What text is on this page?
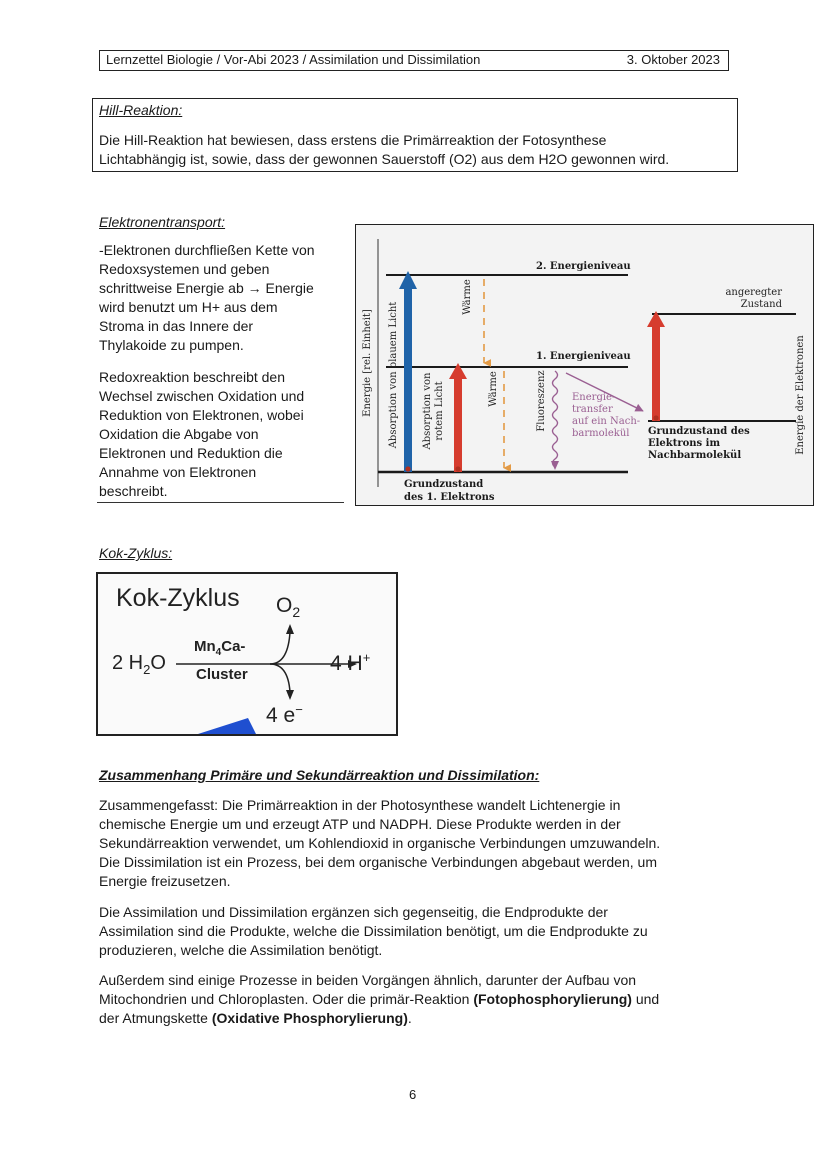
Lernzettel Biologie / Vor-Abi 2023 / Assimilation und Dissimilation	3. Oktober 2023
Hill-Reaktion:
Die Hill-Reaktion hat bewiesen, dass erstens die Primärreaktion der Fotosynthese
Lichtabhängig ist, sowie, dass der gewonnen Sauerstoff (O2) aus dem H2O gewonnen wird.
Elektronentransport:
-Elektronen durchfließen Kette von
Redoxsystemen und geben
schrittweise Energie ab → Energie
wird benutzt um H+ aus dem
Stroma in das Innere der
Thylakoide zu pumpen.
Redoxreaktion beschreibt den
Wechsel zwischen Oxidation und
Reduktion von Elektronen, wobei
Oxidation die Abgabe von
Elektronen und Reduktion die
Annahme von Elektronen
beschreibt.
Energie [rel. Einheit]	Energie der Elektronen
2. Energieniveau
1. Energieniveau
Grundzustand
des 1. Elektrons
angeregter
Zustand
Grundzustand des
Elektrons im
Nachbarmolekül
Absorption von blauem Licht Absorption von rotem Licht
Wärme
Wärme	Fluoreszenz	Energie-
transfer
auf ein Nach-
barmolekül
Kok-Zyklus:
Kok-Zyklus
2 $H_2O$
$Mn_4Ca-$
Cluster
$O_2$
4 H+
4 e−
Zusammenhang Primäre und Sekundärreaktion und Dissimilation:
Zusammengefasst: Die Primärreaktion in der Photosynthese wandelt Lichtenergie in
chemische Energie um und erzeugt ATP und NADPH. Diese Produkte werden in der
Sekundärreaktion verwendet, um Kohlendioxid in organische Verbindungen umzuwandeln.
Die Dissimilation ist ein Prozess, bei dem organische Verbindungen abgebaut werden, um
Energie freizusetzen.
Die Assimilation und Dissimilation ergänzen sich gegenseitig, die Endprodukte der
Assimilation sind die Produkte, welche die Dissimilation benötigt, um die Endprodukte zu
produzieren, welche die Assimilation benötigt.
Außerdem sind einige Prozesse in beiden Vorgängen ähnlich, darunter der Aufbau von
Mitochondrien und Chloroplasten. Oder die primär-Reaktion (Fotophosphorylierung) und
der Atmungskette (Oxidative Phosphorylierung).
6
